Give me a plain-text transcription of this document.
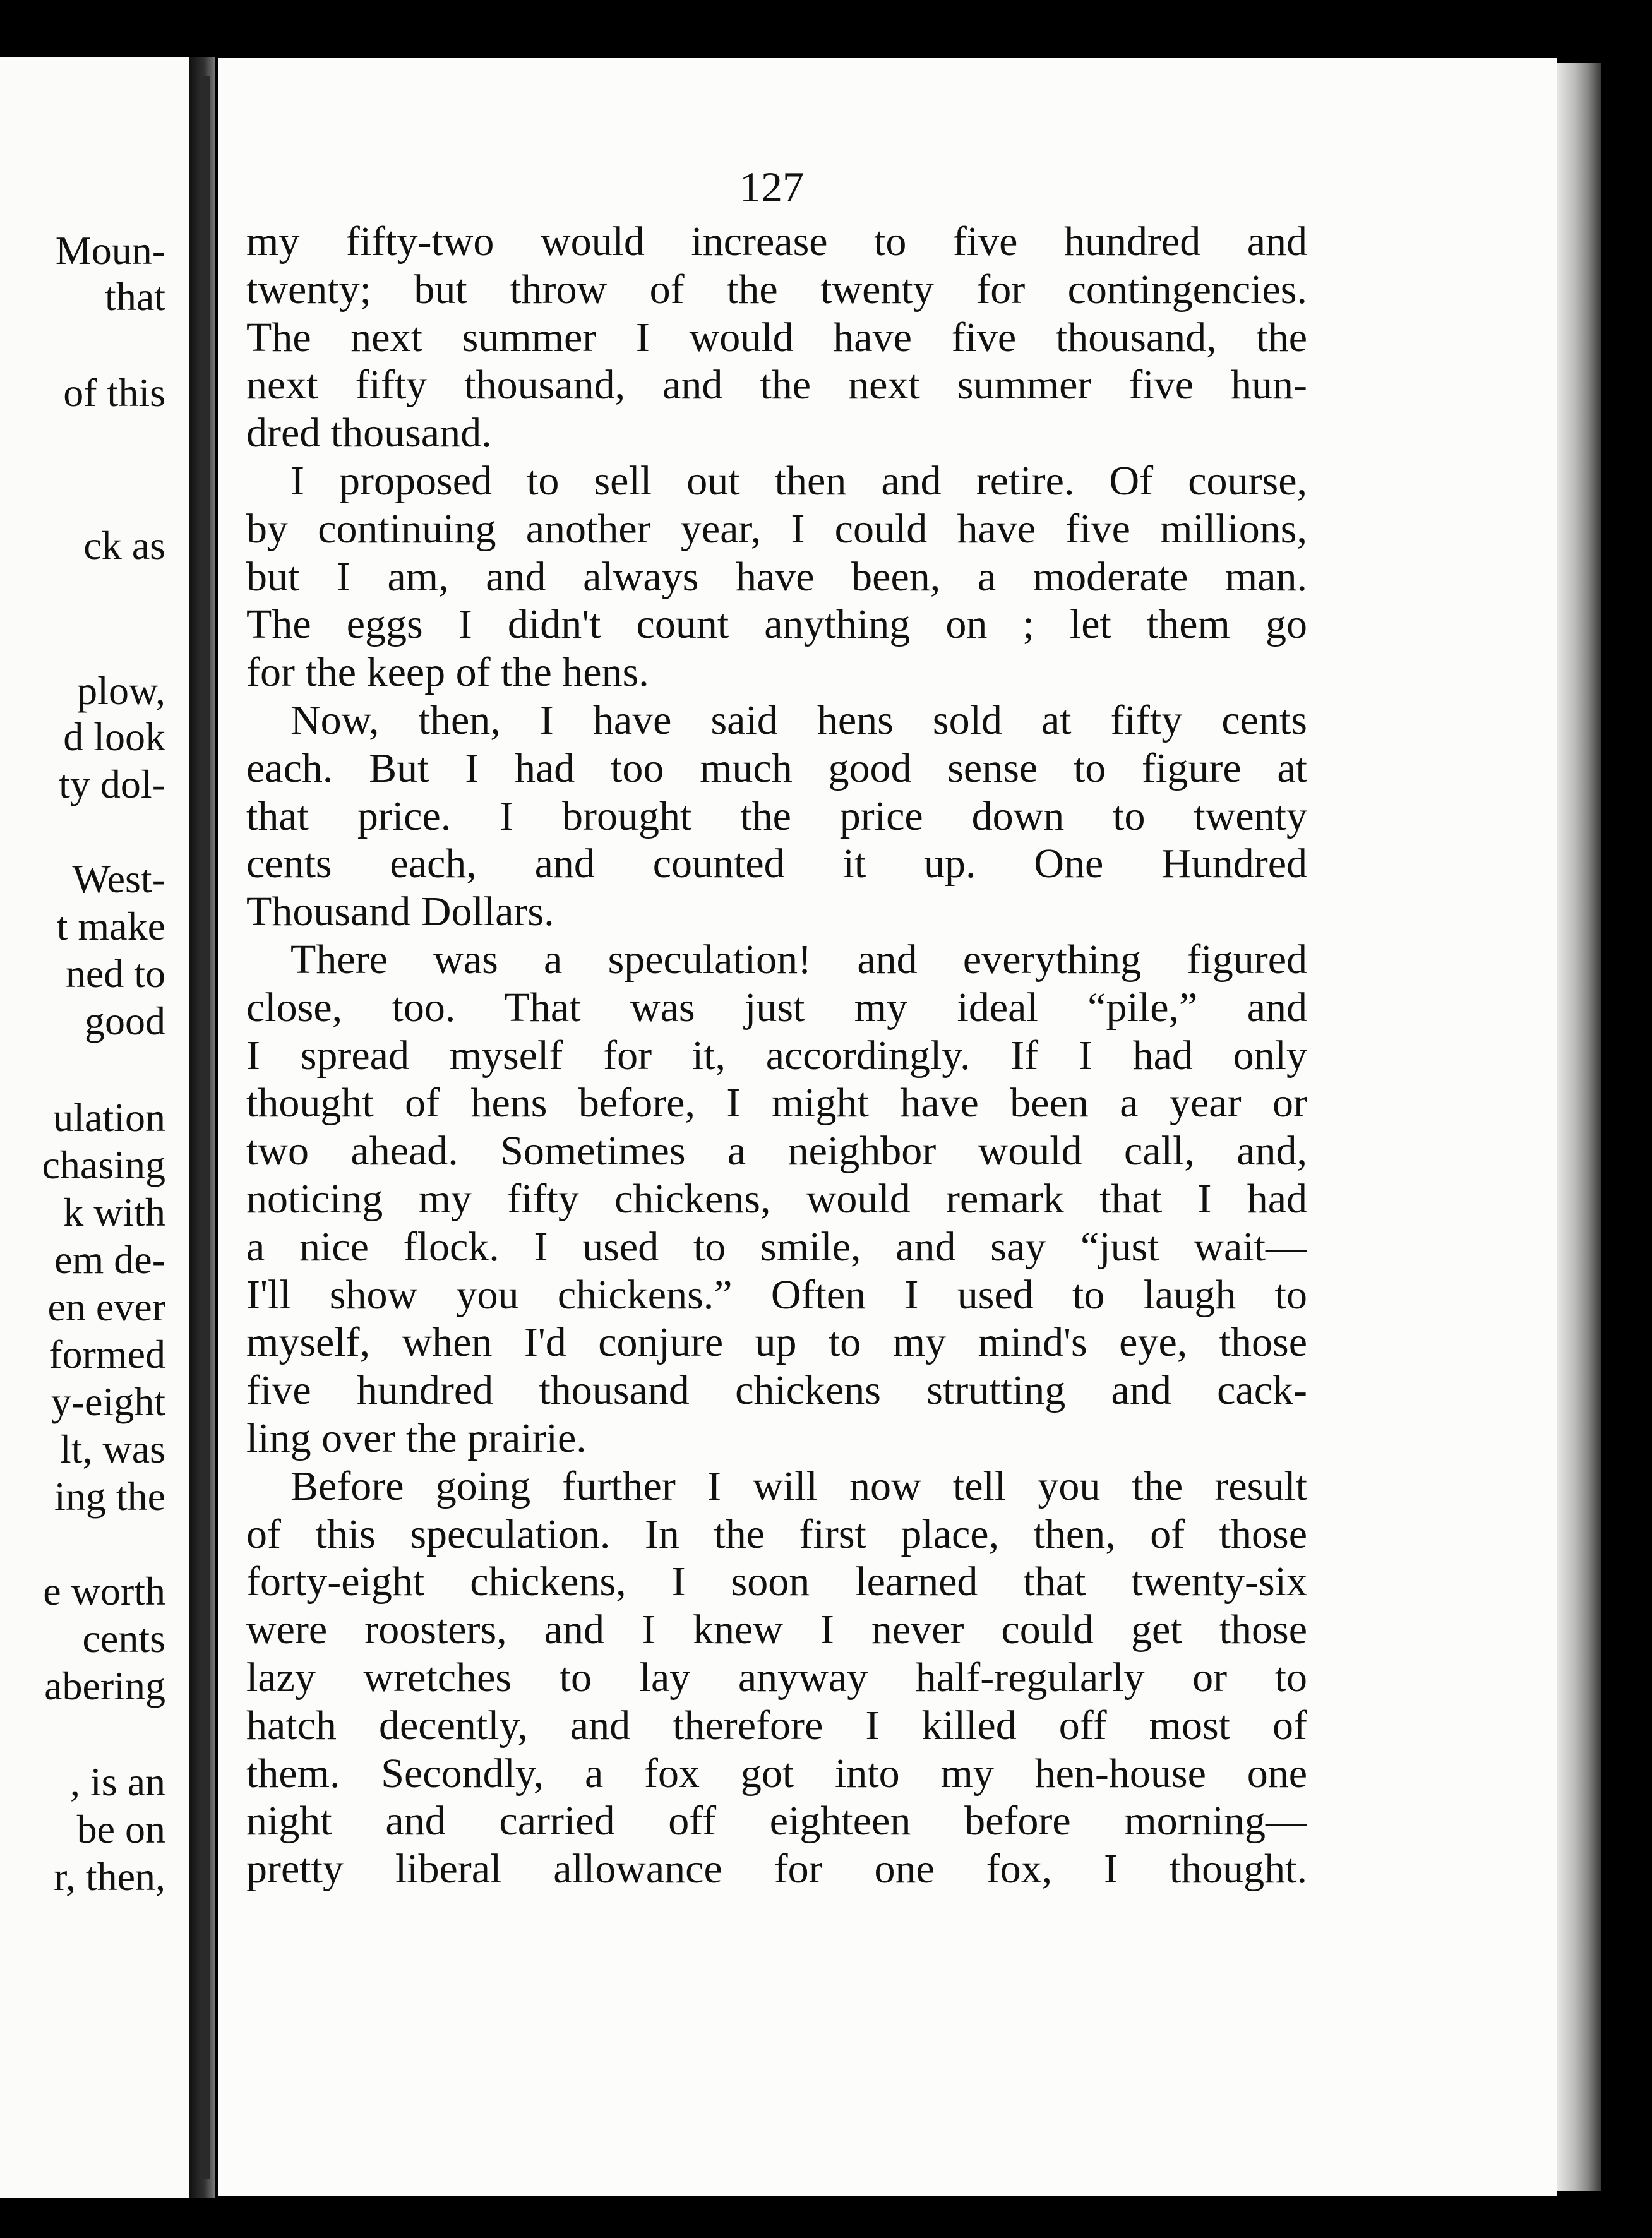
Moun-
that
of this
ck as
plow,
d look
ty dol-
West-
t make
ned to
good
ulation
chasing
k with
em de-
en ever
formed
y-eight
lt, was
ing the
e worth
cents
abering
, is an
be on
r, then,
127
my fifty-two would increase to five hundred and
twenty; but throw of the twenty for contingencies.
The next summer I would have five thousand, the
next fifty thousand, and the next summer five hun-
dred thousand.
I proposed to sell out then and retire. Of course,
by continuing another year, I could have five millions,
but I am, and always have been, a moderate man.
The eggs I didn't count anything on ; let them go
for the keep of the hens.
Now, then, I have said hens sold at fifty cents
each. But I had too much good sense to figure at
that price. I brought the price down to twenty
cents each, and counted it up. One Hundred
Thousand Dollars.
There was a speculation! and everything figured
close, too. That was just my ideal “pile,” and
I spread myself for it, accordingly. If I had only
thought of hens before, I might have been a year or
two ahead. Sometimes a neighbor would call, and,
noticing my fifty chickens, would remark that I had
a nice flock. I used to smile, and say “just wait—
I'll show you chickens.” Often I used to laugh to
myself, when I'd conjure up to my mind's eye, those
five hundred thousand chickens strutting and cack-
ling over the prairie.
Before going further I will now tell you the result
of this speculation. In the first place, then, of those
forty-eight chickens, I soon learned that twenty-six
were roosters, and I knew I never could get those
lazy wretches to lay anyway half-regularly or to
hatch decently, and therefore I killed off most of
them. Secondly, a fox got into my hen-house one
night and carried off eighteen before morning—
pretty liberal allowance for one fox, I thought.
